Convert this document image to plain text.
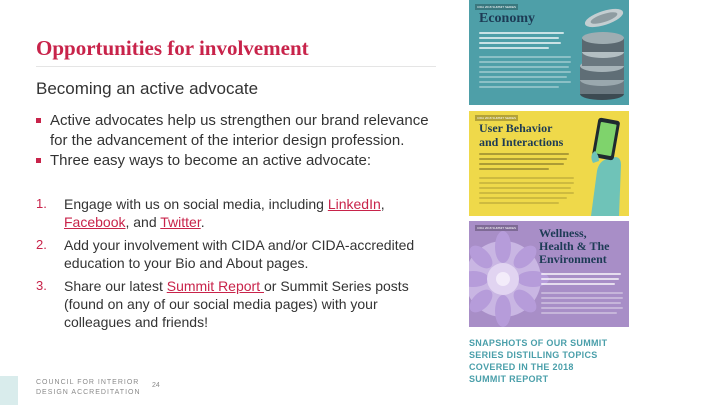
Opportunities for involvement
Becoming an active advocate
Active advocates help us strengthen our brand relevance for the advancement of the interior design profession.
Three easy ways to become an active advocate:
1. Engage with us on social media, including LinkedIn, Facebook, and Twitter.
2. Add your involvement with CIDA and/or CIDA-accredited education to your Bio and About pages.
3. Share our latest Summit Report or Summit Series posts (found on any of our social media pages) with your colleagues and friends!
COUNCIL FOR INTERIOR
DESIGN ACCREDITATION
24
CIDA 2018 SUMMIT SERIES
Economy
CIDA 2018 SUMMIT SERIES
User Behavior
and Interactions
CIDA 2018 SUMMIT SERIES Wellness,
Health & The
Environment
SNAPSHOTS OF OUR SUMMIT
SERIES DISTILLING TOPICS
COVERED IN THE 2018
SUMMIT REPORT
